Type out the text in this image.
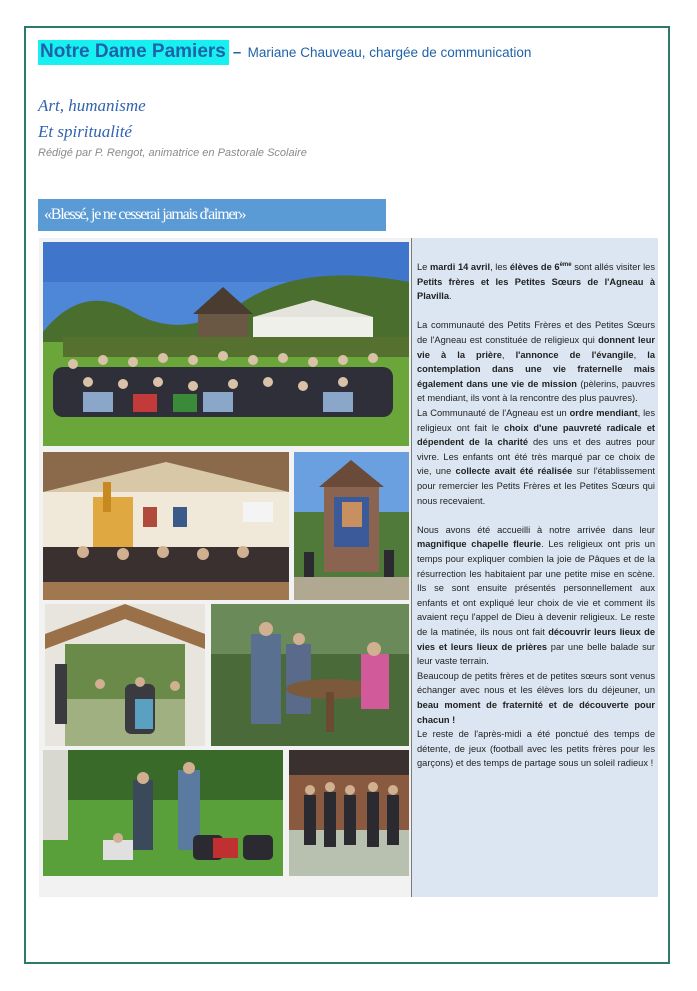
Notre Dame Pamiers – Mariane Chauveau, chargée de communication
Art, humanisme
Et spiritualité
Rédigé par P. Rengot, animatrice en Pastorale Scolaire
«Blessé, je ne cesserai jamais d'aimer»

Le mardi 14 avril, les élèves de 6ème sont allés visiter les Petits frères et les Petites Sœurs de l'Agneau à Plavilla.

La communauté des Petits Frères et des Petites Sœurs de l'Agneau est constituée de religieux qui donnent leur vie à la prière, l'annonce de l'évangile, la contemplation dans une vie fraternelle mais également dans une vie de mission (pèlerins, pauvres et mendiant, ils vont à la rencontre des plus pauvres).

La Communauté de l'Agneau est un ordre mendiant, les religieux ont fait le choix d'une pauvreté radicale et dépendent de la charité des uns et des autres pour vivre. Les enfants ont été très marqué par ce choix de vie, une collecte avait été réalisée sur l'établissement pour remercier les Petits Frères et les Petites Sœurs qui nous recevaient.

Nous avons été accueilli à notre arrivée dans leur magnifique chapelle fleurie. Les religieux ont pris un temps pour expliquer combien la joie de Pâques et de la résurrection les habitaient par une petite mise en scène. Ils se sont ensuite présentés personnellement aux enfants et ont expliqué leur choix de vie et comment ils avaient reçu l'appel de Dieu à devenir religieux. Le reste de la matinée, ils nous ont fait découvrir leurs lieux de vies et leurs lieux de prières par une belle balade sur leur vaste terrain.

Beaucoup de petits frères et de petites sœurs sont venus échanger avec nous et les élèves lors du déjeuner, un beau moment de fraternité et de découverte pour chacun !

Le reste de l'après-midi a été ponctué des temps de détente, de jeux (football avec les petits frères pour les garçons) et des temps de partage sous un soleil radieux !
